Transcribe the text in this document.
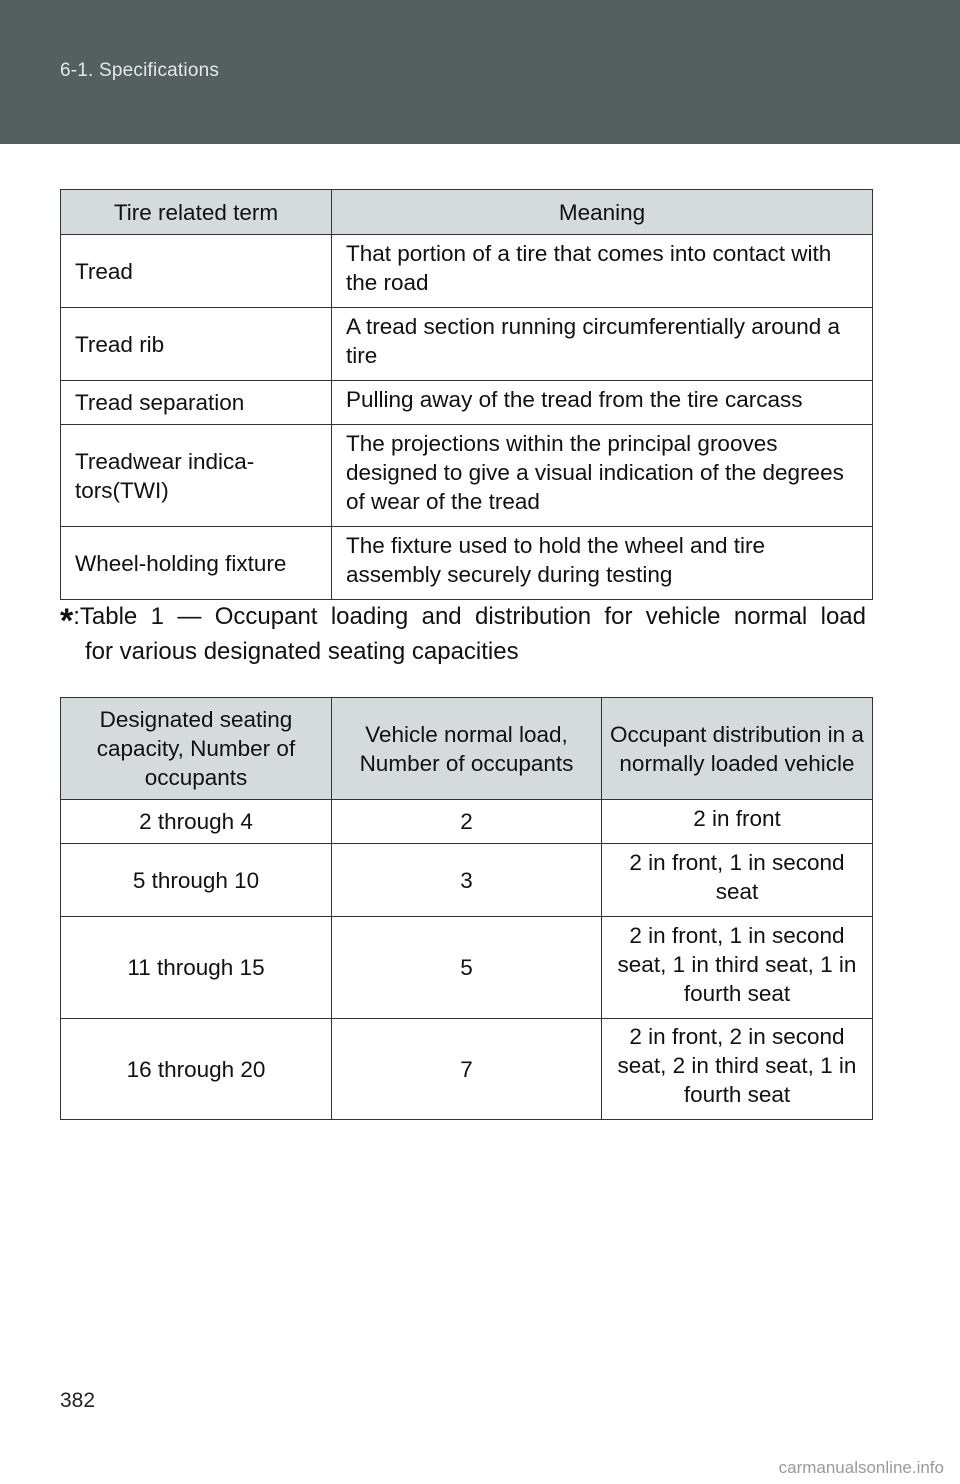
6-1. Specifications
Tire related term	Meaning
Tread	That portion of a tire that comes into contact with the road
Tread rib	A tread section running circumferentially around a tire
Tread separation	Pulling away of the tread from the tire carcass
Treadwear indica-tors(TWI)	The projections within the principal grooves designed to give a visual indication of the degrees of wear of the tread
Wheel-holding fixture	The fixture used to hold the wheel and tire assembly securely during testing
*:Table 1 — Occupant loading and distribution for vehicle normal load
for various designated seating capacities
Designated seating capacity, Number of occupants	Vehicle normal load, Number of occupants	Occupant distribution in a normally loaded vehicle
2 through 4	2	2 in front
5 through 10	3	2 in front, 1 in second seat
11 through 15	5	2 in front, 1 in second seat, 1 in third seat, 1 in fourth seat
16 through 20	7	2 in front, 2 in second seat, 2 in third seat, 1 in fourth seat
382
carmanualsonline.info
